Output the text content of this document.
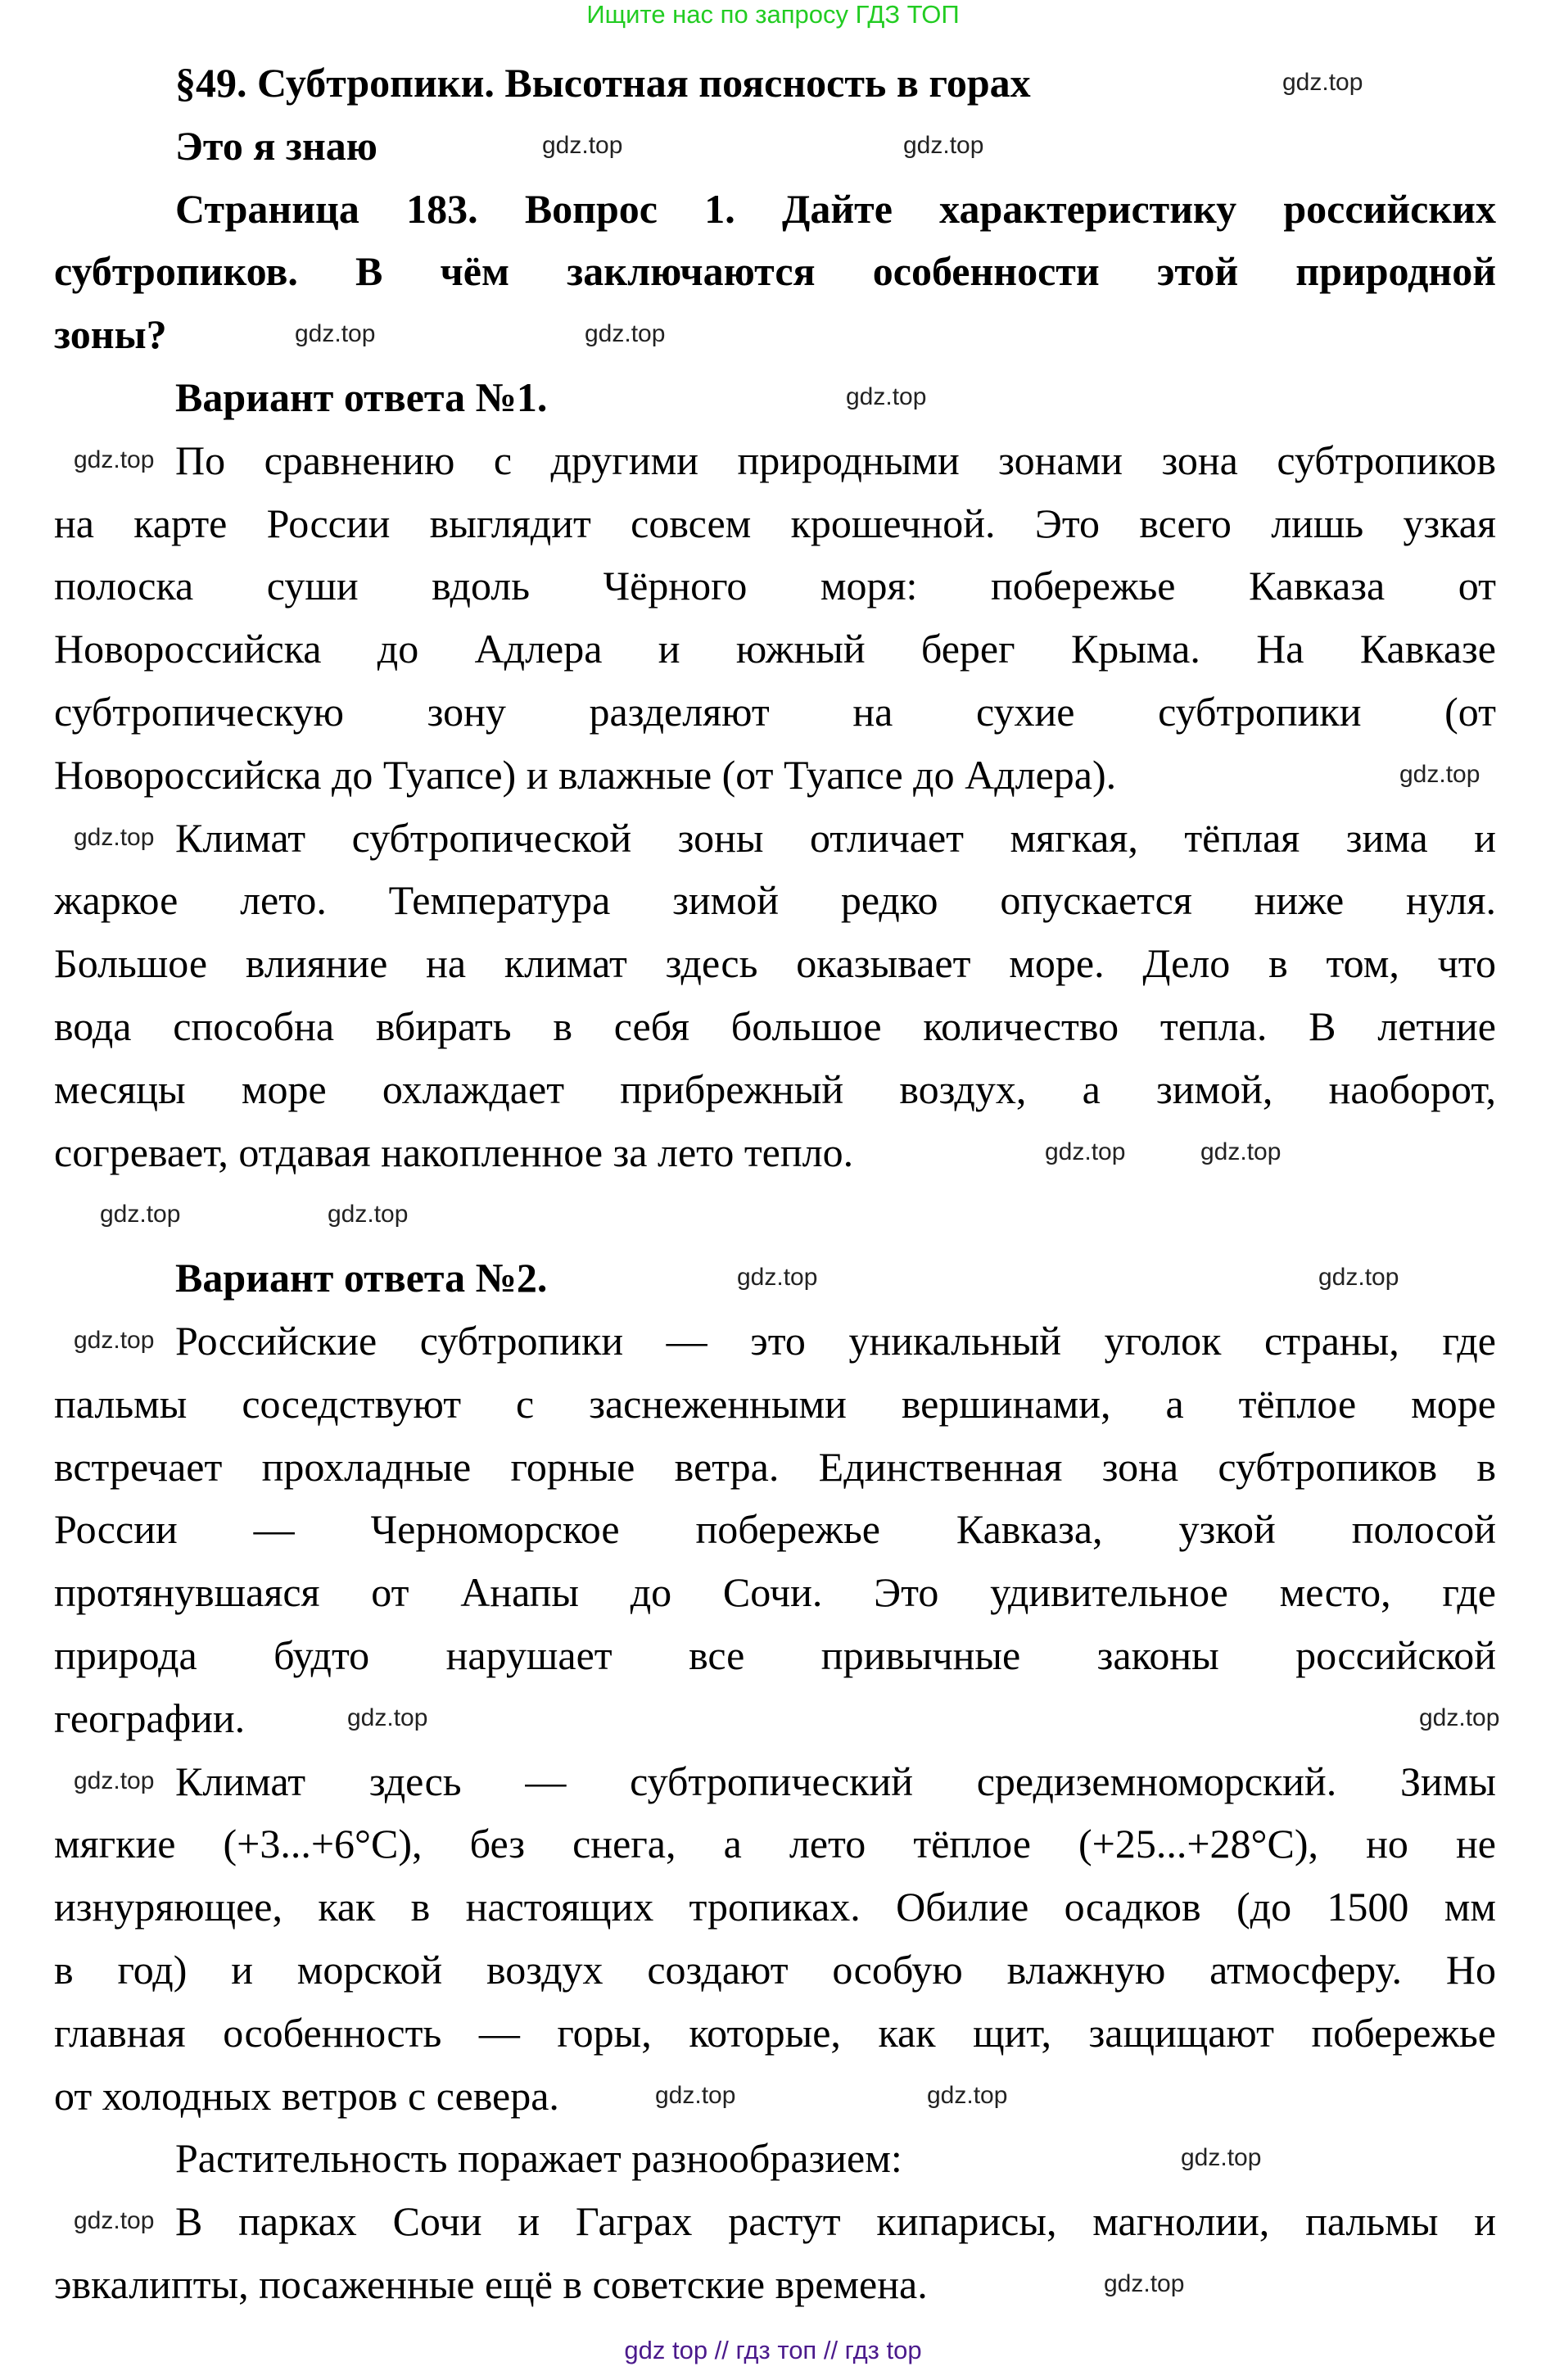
Ищите нас по запросу ГДЗ ТОП
§49. Субтропики. Высотная поясность в горах
Это я знаю
Страница 183. Вопрос 1. Дайте характеристику российских
субтропиков. В чём заключаются особенности этой природной
зоны?
Вариант ответа №1.
По сравнению с другими природными зонами зона субтропиков
на карте России выглядит совсем крошечной. Это всего лишь узкая
полоска суши вдоль Чёрного моря: побережье Кавказа от
Новороссийска до Адлера и южный берег Крыма. На Кавказе
субтропическую зону разделяют на сухие субтропики (от
Новороссийска до Туапсе) и влажные (от Туапсе до Адлера).
Климат субтропической зоны отличает мягкая, тёплая зима и
жаркое лето. Температура зимой редко опускается ниже нуля.
Большое влияние на климат здесь оказывает море. Дело в том, что
вода способна вбирать в себя большое количество тепла. В летние
месяцы море охлаждает прибрежный воздух, а зимой, наоборот,
согревает, отдавая накопленное за лето тепло.
Вариант ответа №2.
Российские субтропики — это уникальный уголок страны, где
пальмы соседствуют с заснеженными вершинами, а тёплое море
встречает прохладные горные ветра. Единственная зона субтропиков в
России — Черноморское побережье Кавказа, узкой полосой
протянувшаяся от Анапы до Сочи. Это удивительное место, где
природа будто нарушает все привычные законы российской
географии.
Климат здесь — субтропический средиземноморский. Зимы
мягкие (+3...+6°С), без снега, а лето тёплое (+25...+28°С), но не
изнуряющее, как в настоящих тропиках. Обилие осадков (до 1500 мм
в год) и морской воздух создают особую влажную атмосферу. Но
главная особенность — горы, которые, как щит, защищают побережье
от холодных ветров с севера.
Растительность поражает разнообразием:
В парках Сочи и Гаграх растут кипарисы, магнолии, пальмы и
эвкалипты, посаженные ещё в советские времена.
gdz.top
gdz.top	gdz.top
gdz.top
gdz.top
gdz.top
gdz.top
gdz.top
gdz.top
gdz.top
gdz.top
gdz.top
gdz.top
gdz.top
gdz.top
gdz.top
gdz.top
gdz.top
gdz.top
gdz.top
gdz.top
gdz.top
gdz.top
gdz.top
gdz top // гдз топ // гдз top
